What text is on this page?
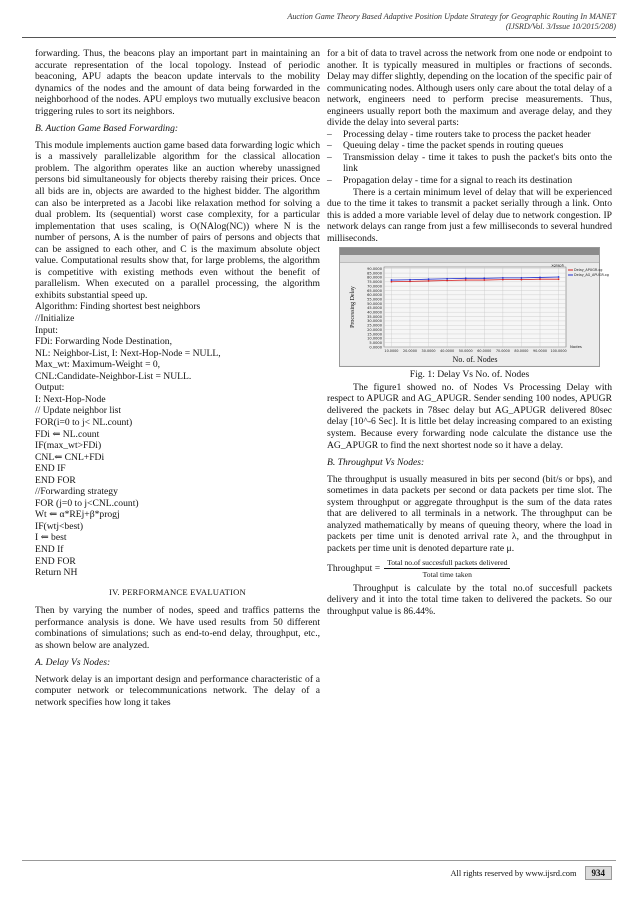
Auction Game Theory Based Adaptive Position Update Strategy for Geographic Routing In MANET
(IJSRD/Vol. 3/Issue 10/2015/208)

forwarding. Thus, the beacons play an important part in maintaining an accurate representation of the local topology. Instead of periodic beaconing, APU adapts the beacon update intervals to the mobility dynamics of the nodes and the amount of data being forwarded in the neighborhood of the nodes. APU employs two mutually exclusive beacon triggering rules to sort its neighbors.

B. Auction Game Based Forwarding:

This module implements auction game based data forwarding logic which is a massively parallelizable algorithm for the classical allocation problem. The algorithm operates like an auction whereby unassigned persons bid simultaneously for objects thereby raising their prices. Once all bids are in, objects are awarded to the highest bidder. The algorithm can also be interpreted as a Jacobi like relaxation method for solving a dual problem. Its (sequential) worst case complexity, for a particular implementation that uses scaling, is O(NAlog(NC)) where N is the number of persons, A is the number of pairs of persons and objects that can be assigned to each other, and C is the maximum absolute object value. Computational results show that, for large problems, the algorithm is competitive with existing methods even without the benefit of parallelism. When executed on a parallel processing, the algorithm exhibits substantial speed up.

Algorithm: Finding shortest best neighbors
//Initialize
Input:
FDi: Forwarding Node Destination,
NL: Neighbor-List, I: Next-Hop-Node = NULL,
Max_wt: Maximum-Weight = 0,
CNL:Candidate-Neighbor-List = NULL.
Output:
I: Next-Hop-Node
// Update neighbor list
FOR(i=0 to j< NL.count)
FDi ⇐ NL.count
IF(max_wt>FDi)
CNL⇐ CNL+FDi
END IF
END FOR
//Forwarding strategy
FOR (j=0 to j<CNL.count)
Wt ⇐ α*REj+β*progj
IF(wtj<best)
I ⇐ best
END If
END FOR
Return NH
IV. PERFORMANCE EVALUATION

Then by varying the number of nodes, speed and traffics patterns the performance analysis is done. We have used results from 50 different combinations of simulations; such as end-to-end delay, throughput, etc., as shown below are analyzed.

A. Delay Vs Nodes:

Network delay is an important design and performance characteristic of a computer network or telecommunications network. The delay of a network specifies how long it takes

for a bit of data to travel across the network from one node or endpoint to another. It is typically measured in multiples or fractions of seconds. Delay may differ slightly, depending on the location of the specific pair of communicating nodes. Although users only care about the total delay of a network, engineers need to perform precise measurements. Thus, engineers usually report both the maximum and average delay, and they divide the delay into several parts:

– Processing delay - time routers take to process the packet header
– Queuing delay - time the packet spends in routing queues
– Transmission delay - time it takes to push the packet's bits onto the link
– Propagation delay - time for a signal to reach its destination

There is a certain minimum level of delay that will be experienced due to the time it takes to transmit a packet serially through a link. Onto this is added a more variable level of delay due to network congestion. IP network delays can range from just a few milliseconds to several hundred milliseconds.

0.0000
5.0000
10.0000
15.0000
20.0000
25.0000
30.0000
35.0000
40.0000
45.0000
50.0000
55.0000
60.0000
65.0000
70.0000
75.0000
80.0000
85.0000
90.0000
10.0000 20.0000 30.0000 40.0000 50.0000 60.0000 70.0000 80.0000 90.0000 100.0000
Nodes
Delay_APUGR.xg
Delay_AG_APUGR.xg
xgraph
No. of. Nodes
Processing Delay
Fig. 1: Delay Vs No. of. Nodes

The figure1 showed no. of Nodes Vs Processing Delay with respect to APUGR and AG_APUGR. Sender sending 100 nodes, APUGR delivered the packets in 78sec delay but AG_APUGR delivered 80sec delay [10^-6 Sec]. It is little bet delay increasing compared to an existing system. Because every forwarding node calculate the distance use the AG_APUGR to find the next shortest node so it have a delay.

B. Throughput Vs Nodes:

The throughput is usually measured in bits per second (bit/s or bps), and sometimes in data packets per second or data packets per time slot. The system throughput or aggregate throughput is the sum of the data rates that are delivered to all terminals in a network. The throughput can be analyzed mathematically by means of queuing theory, where the load in packets per time unit is denoted arrival rate λ, and the throughput in packets per time unit is denoted departure rate μ.

Throughput = $\frac{\text{Total no.of succesfull packets delivered}}{\text{Total time taken}}$

Throughput is calculate by the total no.of succesfull packets delivery and it into the total time taken to delivered the packets. So our throughput value is 86.44%.

All rights reserved by www.ijsrd.com	934
